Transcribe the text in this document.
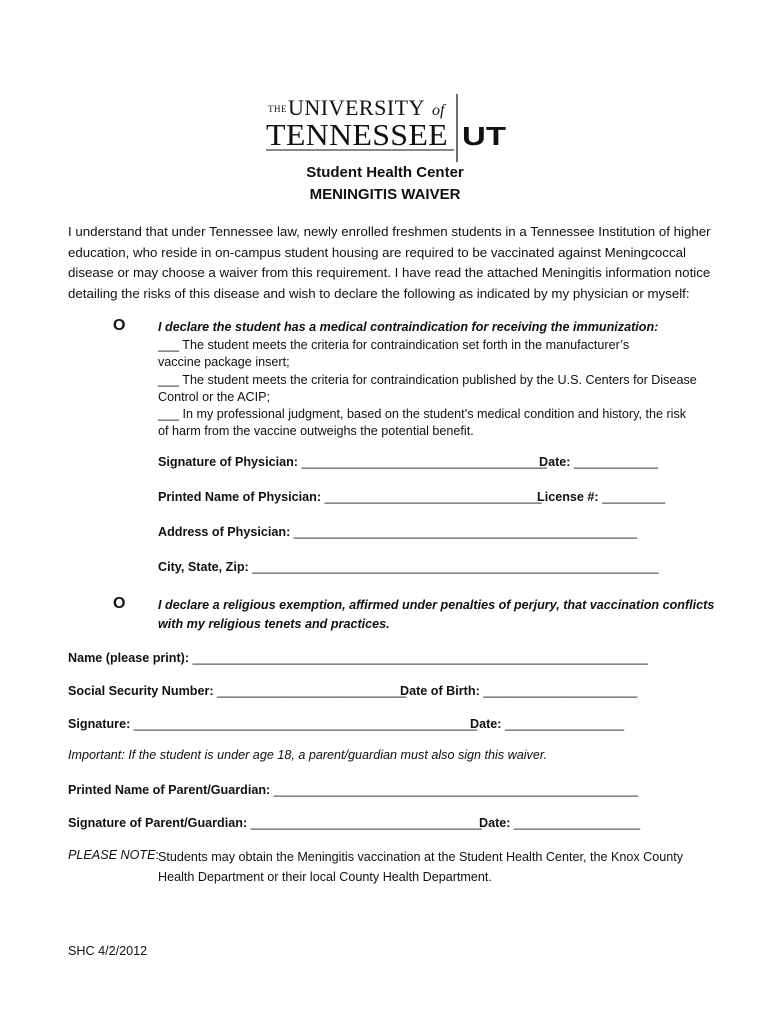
THE UNIVERSITY of
TENNESSEE UT
Student Health Center
MENINGITIS WAIVER
I understand that under Tennessee law, newly enrolled freshmen students in a Tennessee Institution of higher
education, who reside in on-campus student housing are required to be vaccinated against Meningcoccal
disease or may choose a waiver from this requirement. I have read the attached Meningitis information notice
detailing the risks of this disease and wish to declare the following as indicated by my physician or myself:
O	I declare the student has a medical contraindication for receiving the immunization:
___ The student meets the criteria for contraindication set forth in the manufacturer’s
vaccine package insert;
___ The student meets the criteria for contraindication published by the U.S. Centers for Disease
Control or the ACIP;
___ In my professional judgment, based on the student’s medical condition and history, the risk
of harm from the vaccine outweighs the potential benefit.
Signature of Physician: ___________________________________
Date: ____________
Printed Name of Physician: _______________________________
License #: _________
Address of Physician: _________________________________________________
City, State, Zip: __________________________________________________________
O	I declare a religious exemption, affirmed under penalties of perjury, that vaccination conflicts
with my religious tenets and practices.
Name (please print): _________________________________________________________________
Social Security Number: ___________________________
Date of Birth: ______________________
Signature: _________________________________________________
Date: _________________
Important: If the student is under age 18, a parent/guardian must also sign this waiver.
Printed Name of Parent/Guardian: ____________________________________________________
Signature of Parent/Guardian: _________________________________
Date: __________________
PLEASE NOTE: Students may obtain the Meningitis vaccination at the Student Health Center, the Knox County
Health Department or their local County Health Department.
SHC 4/2/2012
